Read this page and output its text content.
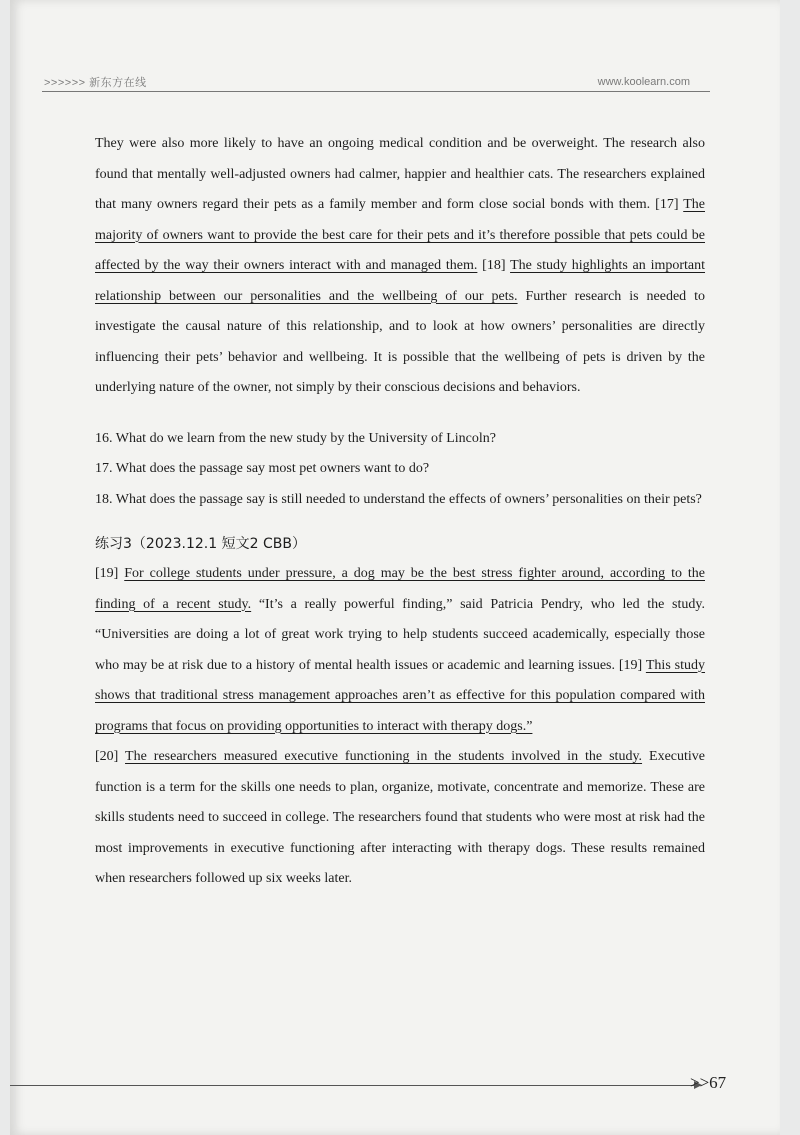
>>>>>> 新东方在线	www.koolearn.com

They were also more likely to have an ongoing medical condition and be overweight. The research also found that mentally well-adjusted owners had calmer, happier and healthier cats. The researchers explained that many owners regard their pets as a family member and form close social bonds with them. [17] The majority of owners want to provide the best care for their pets and it’s therefore possible that pets could be affected by the way their owners interact with and managed them. [18] The study highlights an important relationship between our personalities and the wellbeing of our pets. Further research is needed to investigate the causal nature of this relationship, and to look at how owners’ personalities are directly influencing their pets’ behavior and wellbeing. It is possible that the wellbeing of pets is driven by the underlying nature of the owner, not simply by their conscious decisions and behaviors.

16. What do we learn from the new study by the University of Lincoln?

17. What does the passage say most pet owners want to do?

18. What does the passage say is still needed to understand the effects of owners’ personalities on their pets?

练习3（2023.12.1 短文2 CBB）

[19] For college students under pressure, a dog may be the best stress fighter around, according to the finding of a recent study. “It’s a really powerful finding,” said Patricia Pendry, who led the study. “Universities are doing a lot of great work trying to help students succeed academically, especially those who may be at risk due to a history of mental health issues or academic and learning issues. [19] This study shows that traditional stress management approaches aren’t as effective for this population compared with programs that focus on providing opportunities to interact with therapy dogs.”

[20] The researchers measured executive functioning in the students involved in the study. Executive function is a term for the skills one needs to plan, organize, motivate, concentrate and memorize. These are skills students need to succeed in college. The researchers found that students who were most at risk had the most improvements in executive functioning after interacting with therapy dogs. These results remained when researchers followed up six weeks later.

>>67
